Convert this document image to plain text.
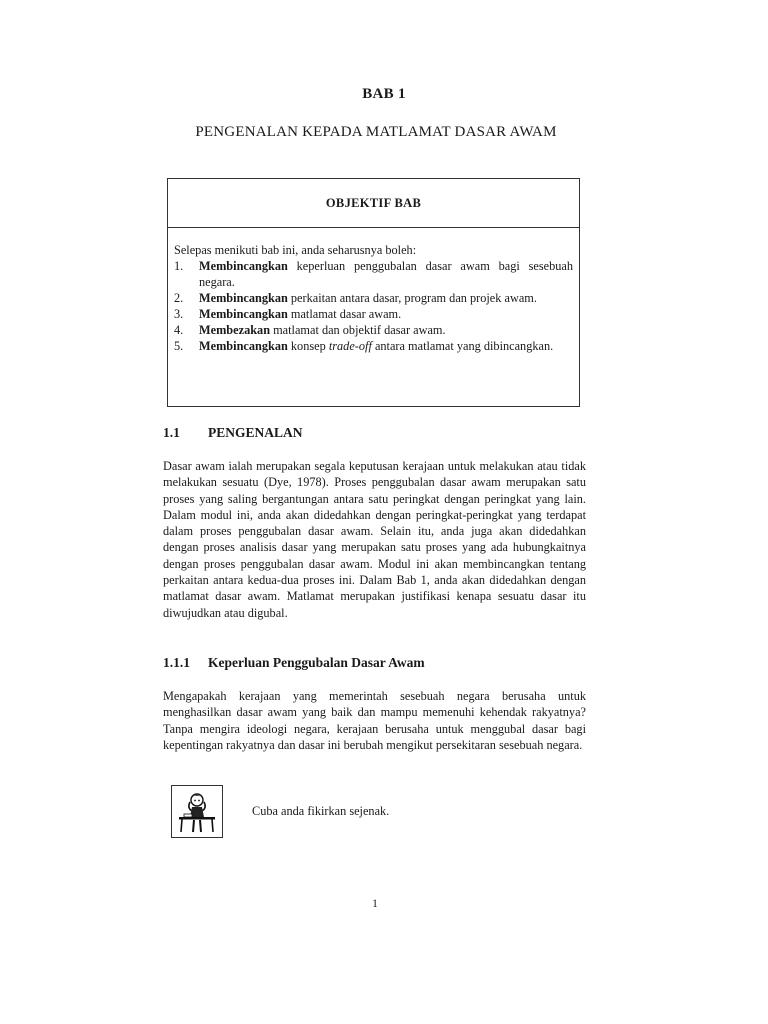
BAB 1
PENGENALAN KEPADA MATLAMAT DASAR AWAM
OBJEKTIF BAB

Selepas menikuti bab ini, anda seharusnya boleh:

1.	Membincangkan keperluan penggubalan dasar awam bagi sesebuah negara.
2.	Membincangkan perkaitan antara dasar, program dan projek awam.
3.	Membincangkan matlamat dasar awam.
4.	Membezakan matlamat dan objektif dasar awam.
5.	Membincangkan konsep trade-off antara matlamat yang dibincangkan.
1.1	PENGENALAN

Dasar awam ialah merupakan segala keputusan kerajaan untuk melakukan atau tidak melakukan sesuatu (Dye, 1978). Proses penggubalan dasar awam merupakan satu proses yang saling bergantungan antara satu peringkat dengan peringkat yang lain. Dalam modul ini, anda akan didedahkan dengan peringkat-peringkat yang terdapat dalam proses penggubalan dasar awam. Selain itu, anda juga akan didedahkan dengan proses analisis dasar yang merupakan satu proses yang ada hubungkaitnya dengan proses penggubalan dasar awam. Modul ini akan membincangkan tentang perkaitan antara kedua-dua proses ini. Dalam Bab 1, anda akan didedahkan dengan matlamat dasar awam. Matlamat merupakan justifikasi kenapa sesuatu dasar itu diwujudkan atau digubal.

1.1.1	Keperluan Penggubalan Dasar Awam

Mengapakah kerajaan yang memerintah sesebuah negara berusaha untuk menghasilkan dasar awam yang baik dan mampu memenuhi kehendak rakyatnya? Tanpa mengira ideologi negara, kerajaan berusaha untuk menggubal dasar bagi kepentingan rakyatnya dan dasar ini berubah mengikut persekitaran sesebuah negara.

Cuba anda fikirkan sejenak.
1
